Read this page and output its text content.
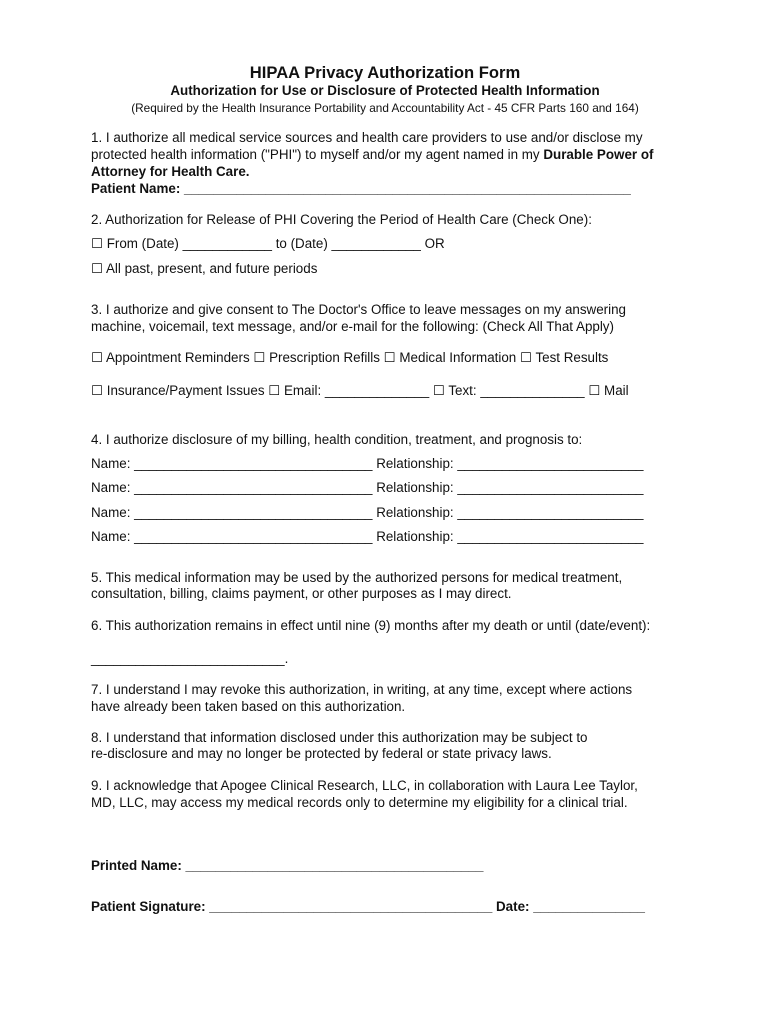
HIPAA Privacy Authorization Form
Authorization for Use or Disclosure of Protected Health Information
(Required by the Health Insurance Portability and Accountability Act - 45 CFR Parts 160 and 164)
1. I authorize all medical service sources and health care providers to use and/or disclose my
protected health information ("PHI") to myself and/or my agent named in my Durable Power of
Attorney for Health Care.
Patient Name: ____________________________________________________________
2. Authorization for Release of PHI Covering the Period of Health Care (Check One):
☐ From (Date) ____________ to (Date) ____________ OR
☐ All past, present, and future periods
3. I authorize and give consent to The Doctor's Office to leave messages on my answering
machine, voicemail, text message, and/or e-mail for the following: (Check All That Apply)
☐ Appointment Reminders ☐ Prescription Refills ☐ Medical Information ☐ Test Results
☐ Insurance/Payment Issues ☐ Email: ______________ ☐ Text: ______________ ☐ Mail
4. I authorize disclosure of my billing, health condition, treatment, and prognosis to:
Name: ________________________________ Relationship: _________________________
Name: ________________________________ Relationship: _________________________
Name: ________________________________ Relationship: _________________________
Name: ________________________________ Relationship: _________________________
5. This medical information may be used by the authorized persons for medical treatment,
consultation, billing, claims payment, or other purposes as I may direct.
6. This authorization remains in effect until nine (9) months after my death or until (date/event):
__________________________.
7. I understand I may revoke this authorization, in writing, at any time, except where actions
have already been taken based on this authorization.
8. I understand that information disclosed under this authorization may be subject to
re-disclosure and may no longer be protected by federal or state privacy laws.
9. I acknowledge that Apogee Clinical Research, LLC, in collaboration with Laura Lee Taylor,
MD, LLC, may access my medical records only to determine my eligibility for a clinical trial.
Printed Name: ________________________________________
Patient Signature: ______________________________________ Date: _______________
